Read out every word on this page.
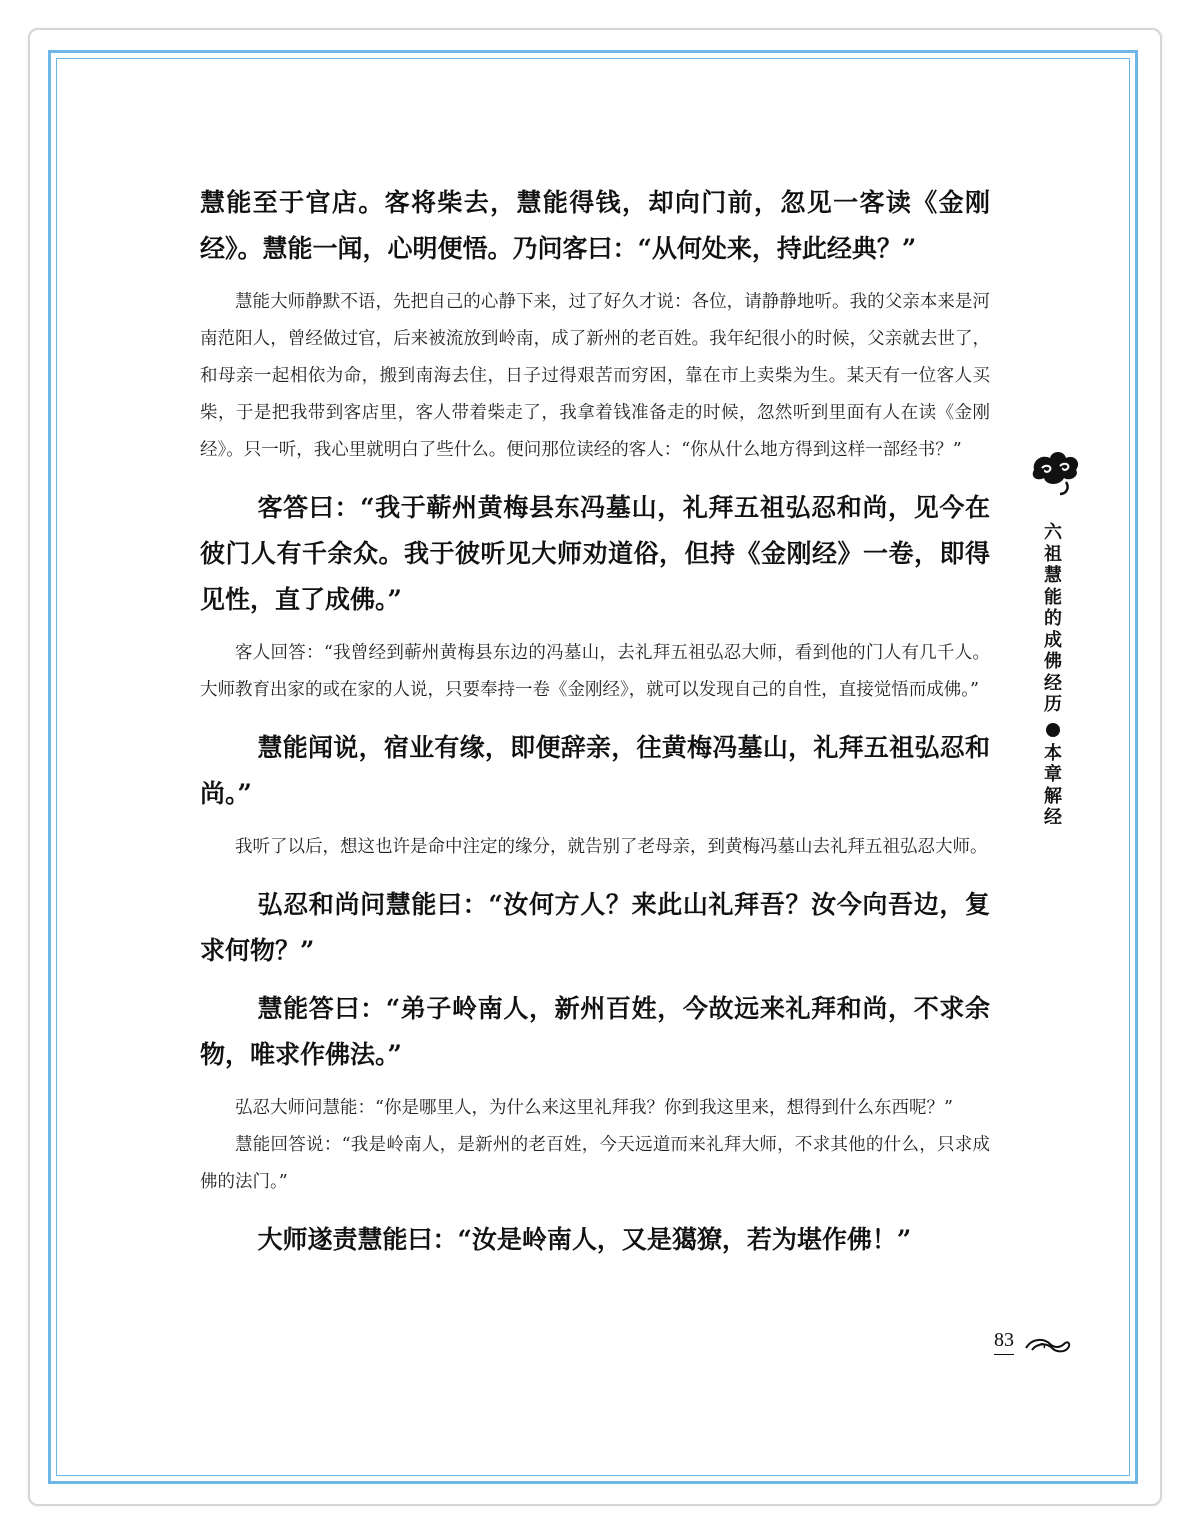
慧能至于官店。客将柴去，慧能得钱，却向门前，忽见一客读《金刚经》。慧能一闻，心明便悟。乃问客曰：“从何处来，持此经典？”

慧能大师静默不语，先把自己的心静下来，过了好久才说：各位，请静静地听。我的父亲本来是河南范阳人，曾经做过官，后来被流放到岭南，成了新州的老百姓。我年纪很小的时候，父亲就去世了，和母亲一起相依为命，搬到南海去住，日子过得艰苦而穷困，靠在市上卖柴为生。某天有一位客人买柴，于是把我带到客店里，客人带着柴走了，我拿着钱准备走的时候，忽然听到里面有人在读《金刚经》。只一听，我心里就明白了些什么。便问那位读经的客人：“你从什么地方得到这样一部经书？”

客答曰：“我于蕲州黄梅县东冯墓山，礼拜五祖弘忍和尚，见今在彼门人有千余众。我于彼听见大师劝道俗，但持《金刚经》一卷，即得见性，直了成佛。”

客人回答：“我曾经到蕲州黄梅县东边的冯墓山，去礼拜五祖弘忍大师，看到他的门人有几千人。大师教育出家的或在家的人说，只要奉持一卷《金刚经》，就可以发现自己的自性，直接觉悟而成佛。”

慧能闻说，宿业有缘，即便辞亲，往黄梅冯墓山，礼拜五祖弘忍和尚。”

我听了以后，想这也许是命中注定的缘分，就告别了老母亲，到黄梅冯墓山去礼拜五祖弘忍大师。

弘忍和尚问慧能曰：“汝何方人？来此山礼拜吾？汝今向吾边，复求何物？”

慧能答曰：“弟子岭南人，新州百姓，今故远来礼拜和尚，不求余物，唯求作佛法。”

弘忍大师问慧能：“你是哪里人，为什么来这里礼拜我？你到我这里来，想得到什么东西呢？”

慧能回答说：“我是岭南人，是新州的老百姓，今天远道而来礼拜大师，不求其他的什么，只求成佛的法门。”

大师遂责慧能曰：“汝是岭南人，又是獦獠，若为堪作佛！”

六祖慧能的成佛经历
本章解经
83
